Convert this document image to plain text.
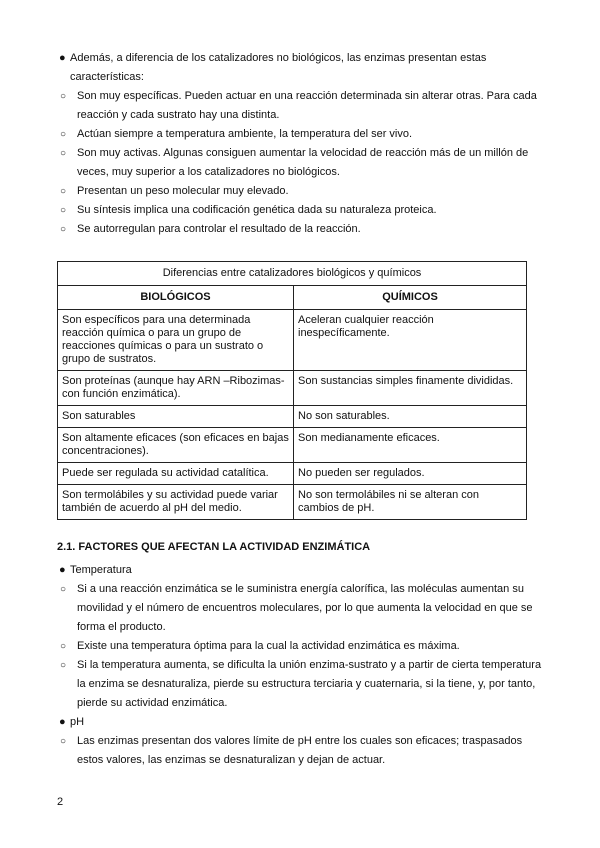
● Además, a diferencia de los catalizadores no biológicos, las enzimas presentan estas características:
○ Son muy específicas. Pueden actuar en una reacción determinada sin alterar otras. Para cada reacción y cada sustrato hay una distinta.
○ Actúan siempre a temperatura ambiente, la temperatura del ser vivo.
○ Son muy activas. Algunas consiguen aumentar la velocidad de reacción más de un millón de veces, muy superior a los catalizadores no biológicos.
○ Presentan un peso molecular muy elevado.
○ Su síntesis implica una codificación genética dada su naturaleza proteica.
○ Se autorregulan para controlar el resultado de la reacción.
Diferencias entre catalizadores biológicos y químicos	
BIOLÓGICOS	QUÍMICOS
Son específicos para una determinada reacción química o para un grupo de reacciones químicas o para un sustrato o grupo de sustratos.	Aceleran cualquier reacción inespecíficamente.
Son proteínas (aunque hay ARN –Ribozimas- con función enzimática).	Son sustancias simples finamente divididas.
Son saturables	No son saturables.
Son altamente eficaces (son eficaces en bajas concentraciones).	Son medianamente eficaces.
Puede ser regulada su actividad catalítica.	No pueden ser regulados.
Son termolábiles y su actividad puede variar también de acuerdo al pH del medio.	No son termolábiles ni se alteran con cambios de pH.
2.1. FACTORES QUE AFECTAN LA ACTIVIDAD ENZIMÁTICA
● Temperatura
○ Si a una reacción enzimática se le suministra energía calorífica, las moléculas aumentan su movilidad y el número de encuentros moleculares, por lo que aumenta la velocidad en que se forma el producto.
○ Existe una temperatura óptima para la cual la actividad enzimática es máxima.
○ Si la temperatura aumenta, se dificulta la unión enzima-sustrato y a partir de cierta temperatura la enzima se desnaturaliza, pierde su estructura terciaria y cuaternaria, si la tiene, y, por tanto, pierde su actividad enzimática.
● pH
○ Las enzimas presentan dos valores límite de pH entre los cuales son eficaces; traspasados estos valores, las enzimas se desnaturalizan y dejan de actuar.
2
